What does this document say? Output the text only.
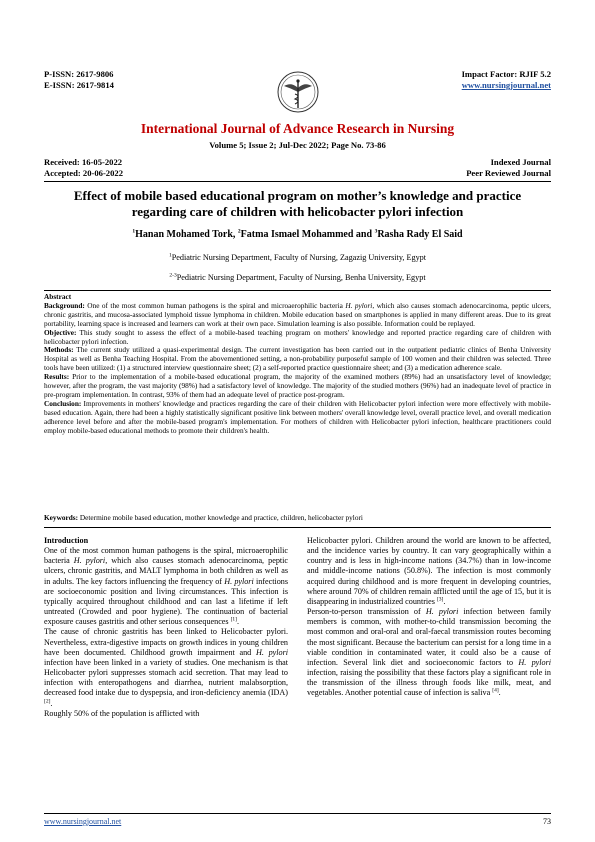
P-ISSN: 2617-9806
E-ISSN: 2617-9814
Impact Factor: RJIF 5.2
www.nursingjournal.net
International Journal of Advance Research in Nursing
Volume 5; Issue 2; Jul-Dec 2022; Page No. 73-86
Received: 16-05-2022
Accepted: 20-06-2022
Indexed Journal
Peer Reviewed Journal
Effect of mobile based educational program on mother’s knowledge and practice regarding care of children with helicobacter pylori infection
$^1$Hanan Mohamed Tork, $^2$Fatma Ismael Mohammed and $^3$Rasha Rady El Said
$^1$Pediatric Nursing Department, Faculty of Nursing, Zagazig University, Egypt
$^{2-3}$Pediatric Nursing Department, Faculty of Nursing, Benha University, Egypt

Abstract

Background: One of the most common human pathogens is the spiral and microaerophilic bacteria H. pylori, which also causes stomach adenocarcinoma, peptic ulcers, chronic gastritis, and mucosa-associated lymphoid tissue lymphoma in children. Mobile education based on smartphones is applied in many different areas. Due to its great portability, learning space is increased and learners can work at their own pace. Simulation learning is also possible. Information could be replayed.

Objective: This study sought to assess the effect of a mobile-based teaching program on mothers' knowledge and reported practice regarding care of children with helicobacter pylori infection.

Methods: The current study utilized a quasi-experimental design. The current investigation has been carried out in the outpatient pediatric clinics of Benha University Hospital as well as Benha Teaching Hospital. From the abovementioned setting, a non-probability purposeful sample of 100 women and their children was selected. Three tools have been utilized: (1) a structured interview questionnaire sheet; (2) a self-reported practice questionnaire sheet; and (3) a medication adherence scale.

Results: Prior to the implementation of a mobile-based educational program, the majority of the examined mothers (89%) had an unsatisfactory level of knowledge; however, after the program, the vast majority (98%) had a satisfactory level of knowledge. The majority of the studied mothers (96%) had an inadequate level of practice in pre-program implementation. In contrast, 93% of them had an adequate level of practice post-program.

Conclusion: Improvements in mothers' knowledge and practices regarding the care of their children with Helicobacter pylori infection were more effectively with mobile-based education. Again, there had been a highly statistically significant positive link between mothers' overall knowledge level, overall practice level, and overall medication adherence level before and after the mobile-based program's implementation. For mothers of children with Helicobacter pylori infection, healthcare practitioners could employ mobile-based educational methods to promote their children's health.

Keywords: Determine mobile based education, mother knowledge and practice, children, helicobacter pylori

Introduction

One of the most common human pathogens is the spiral, microaerophilic bacteria H. pylori, which also causes stomach adenocarcinoma, peptic ulcers, chronic gastritis, and MALT lymphoma in both children as well as in adults. The key factors influencing the frequency of H. pylori infections are socioeconomic position and living circumstances. This infection is typically acquired throughout childhood and can last a lifetime if left untreated (Crowded and poor hygiene). The continuation of bacterial exposure causes gastritis and other serious consequences [1].

The cause of chronic gastritis has been linked to Helicobacter pylori. Nevertheless, extra-digestive impacts on growth indices in young children have been documented. Childhood growth impairment and H. pylori infection have been linked in a variety of studies. One mechanism is that Helicobacter pylori suppresses stomach acid secretion. That may lead to infection with enteropathogens and diarrhea, nutrient malabsorption, decreased food intake due to dyspepsia, and iron-deficiency anemia (IDA) [2].

Roughly 50% of the population is afflicted with

Helicobacter pylori. Children around the world are known to be affected, and the incidence varies by country. It can vary geographically within a country and is less in high-income nations (34.7%) than in low-income and middle-income nations (50.8%). The infection is most commonly acquired during childhood and is more frequent in developing countries, where around 70% of children remain afflicted until the age of 15, but it is disappearing in industrialized countries [3].

Person-to-person transmission of H. pylori infection between family members is common, with mother-to-child transmission becoming the most common and oral-oral and oral-faecal transmission routes becoming the most significant. Because the bacterium can persist for a long time in a viable condition in contaminated water, it could also be a cause of infection. Several link diet and socioeconomic factors to H. pylori infection, raising the possibility that these factors play a significant role in the transmission of the illness through foods like milk, meat, and vegetables. Another potential cause of infection is saliva [4].

www.nursingjournal.net	73
